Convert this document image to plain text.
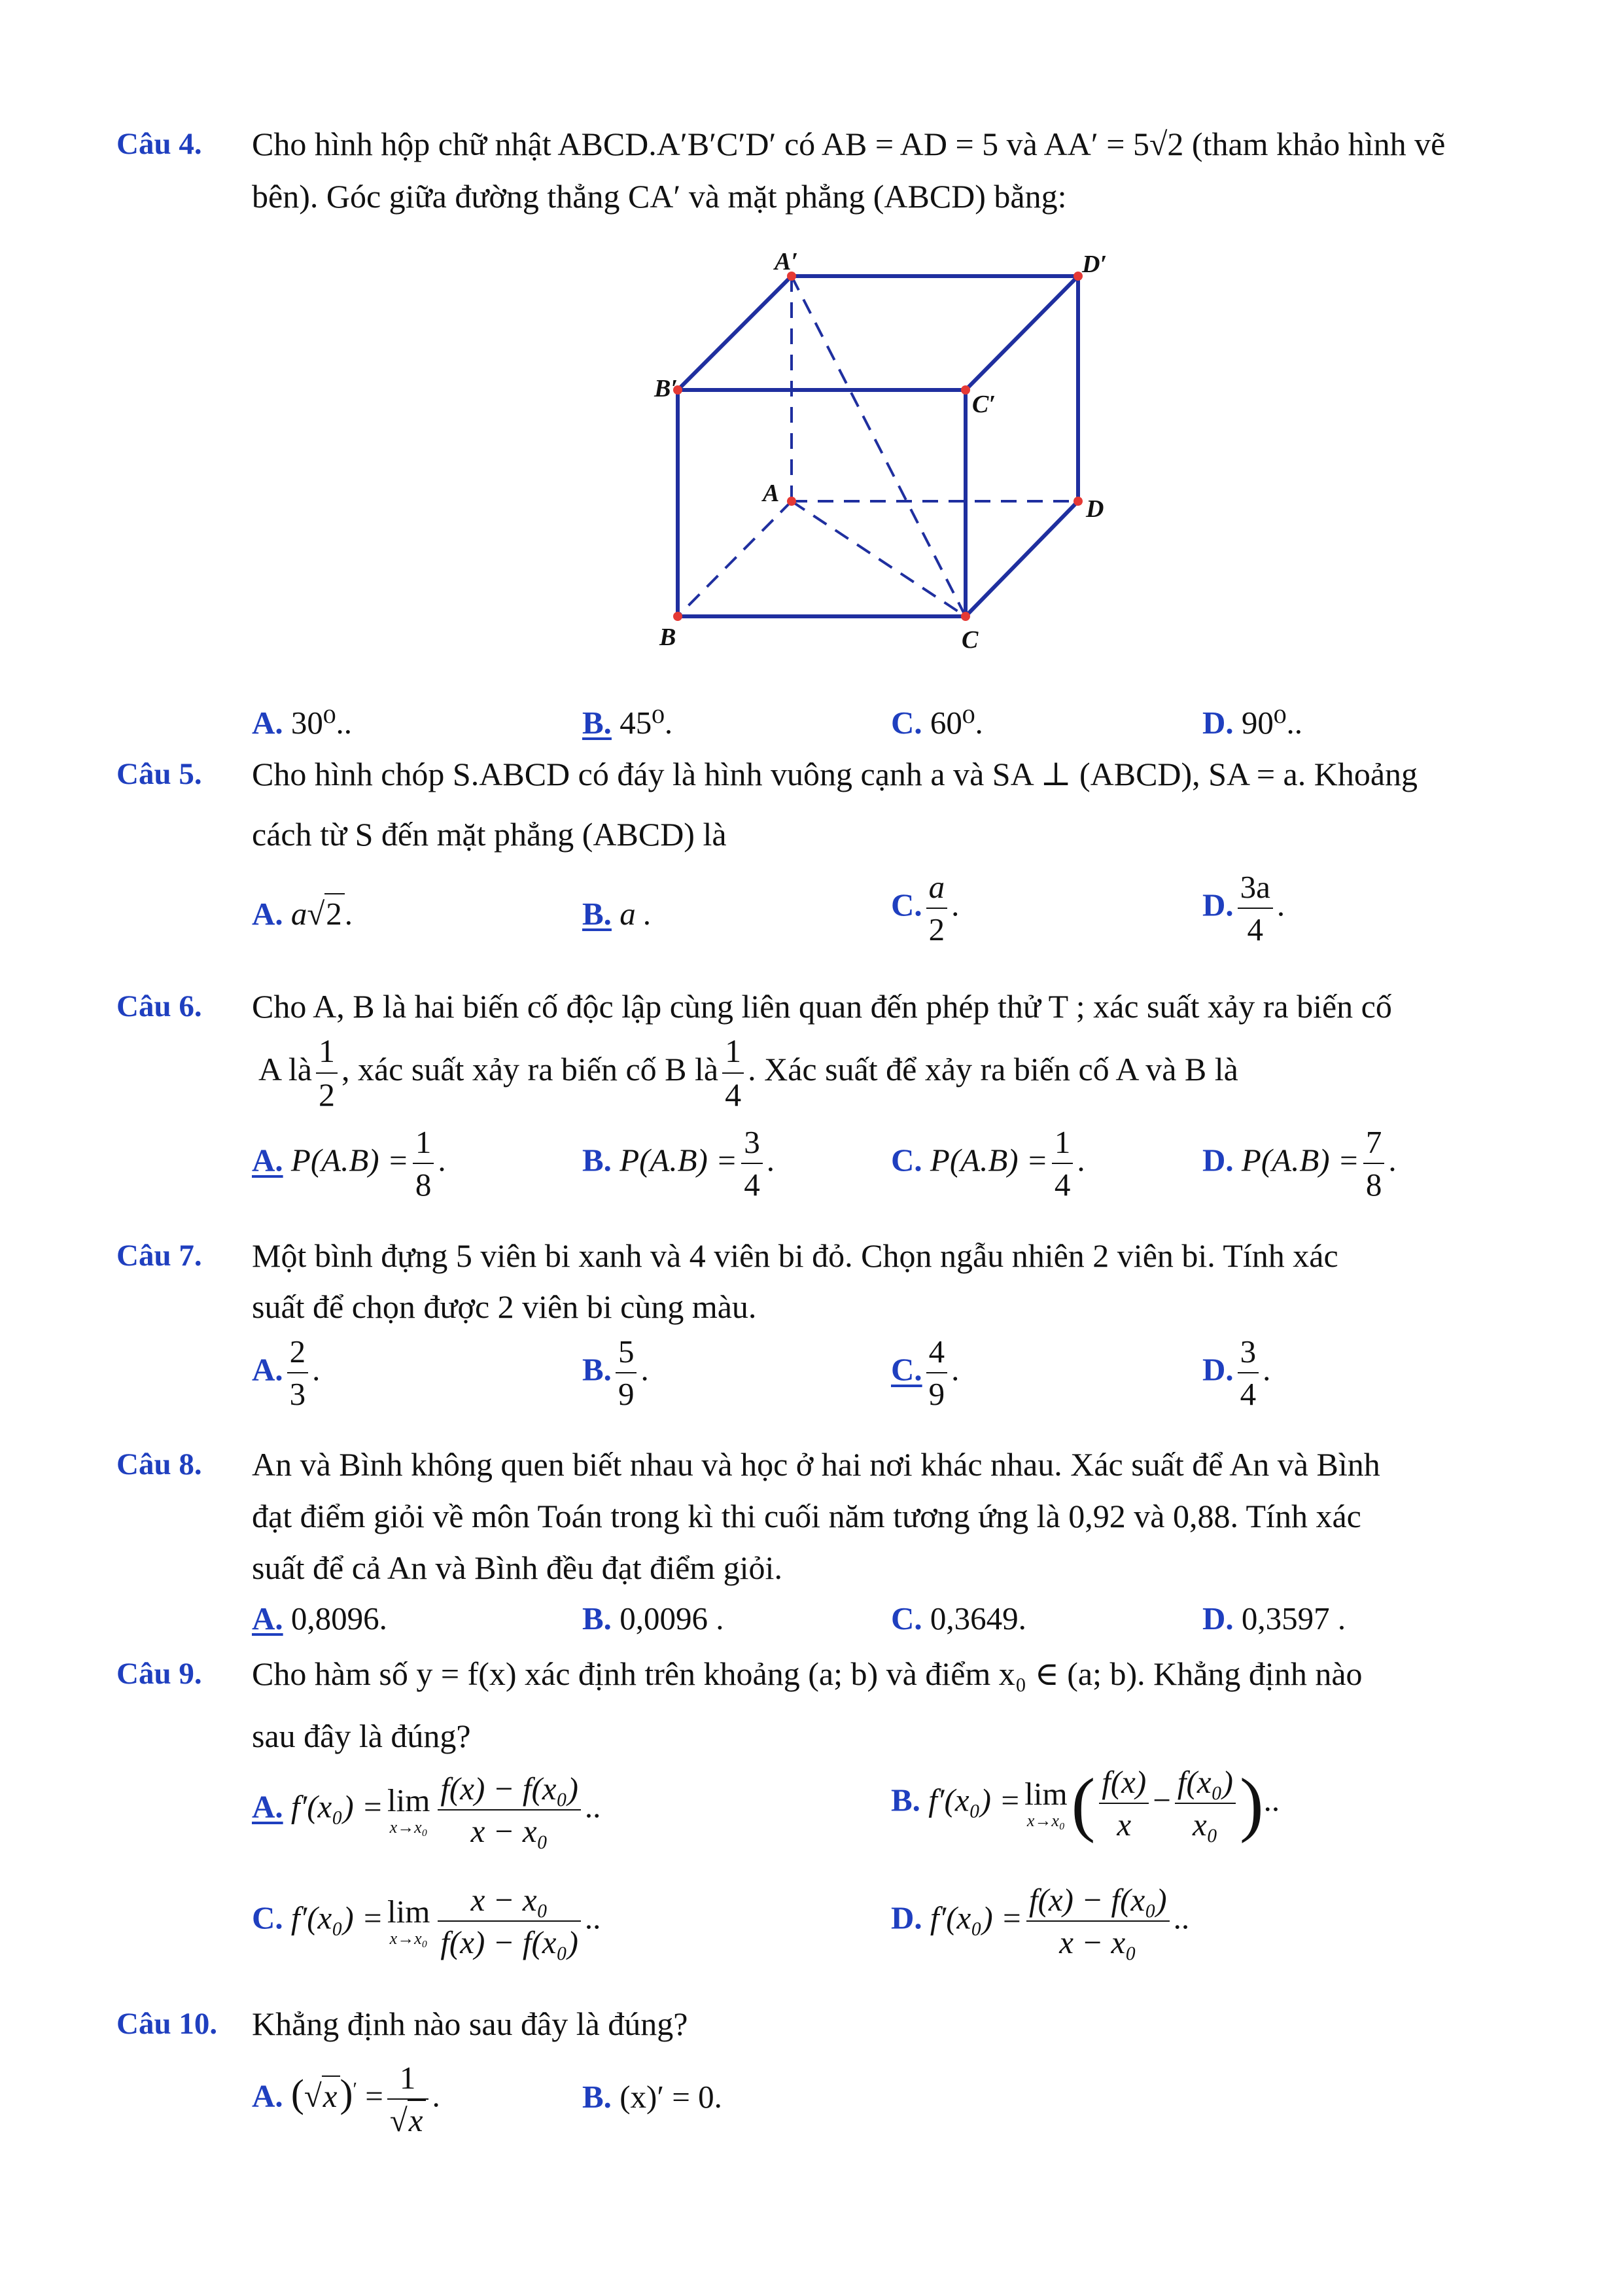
Câu 4. Cho hình hộp chữ nhật ABCD.A′B′C′D′ có AB = AD = 5 và AA′ = 5√2 (tham khảo hình vẽ
bên). Góc giữa đường thẳng CA′ và mặt phẳng (ABCD) bằng:
A′	D′
B′
C′
A
D
B	C
A. 30⁰..	B. 45⁰.	C. 60⁰.	D. 90⁰..
Câu 5. Cho hình chóp S.ABCD có đáy là hình vuông cạnh a và SA ⊥ (ABCD), SA = a. Khoảng
cách từ S đến mặt phẳng (ABCD) là
A. a√2.	B. a .	C. $\frac{a}{2}$ .	D. $\frac{3a}{4}$ .
Câu 6. Cho A, B là hai biến cố độc lập cùng liên quan đến phép thử T ; xác suất xảy ra biến cố
A là $\frac{1}{2}$ , xác suất xảy ra biến cố B là $\frac{1}{4}$ . Xác suất để xảy ra biến cố A và B là
A. $P(A.B) = \frac{1}{8}$ .	B. $P(A.B) = \frac{3}{4}$ .	C. $P(A.B) = \frac{1}{4}$ .	D. $P(A.B) = \frac{7}{8}$ .
Câu 7. Một bình đựng 5 viên bi xanh và 4 viên bi đỏ. Chọn ngẫu nhiên 2 viên bi. Tính xác
suất để chọn được 2 viên bi cùng màu.
A. $\frac{2}{3}$ .	B. $\frac{5}{9}$ .	C. $\frac{4}{9}$ .	D. $\frac{3}{4}$ .
Câu 8. An và Bình không quen biết nhau và học ở hai nơi khác nhau. Xác suất để An và Bình
đạt điểm giỏi về môn Toán trong kì thi cuối năm tương ứng là 0,92 và 0,88. Tính xác
suất để cả An và Bình đều đạt điểm giỏi.
A. 0,8096.	B. 0,0096 .	C. 0,3649.	D. 0,3597 .
Câu 9. Cho hàm số y = f(x) xác định trên khoảng (a; b) và điểm x₀ ∈ (a; b). Khẳng định nào
sau đây là đúng?
A. f′(x₀) = lim
$x\to x_0 \frac{\text{f(x) − f(x₀)}}{\text{x − x₀}}$ ..	B. f′(x₀) = lim
x→x₀ ( $\frac{f(x)}{x} - \frac{\text{f(x₀)}}{\text{x₀}}$ )..
C. f′(x₀) = lim
$x\to x_0 \frac{\text{x − x₀}}{\text{f(x) − f(x₀)}}$ ..	D. $f'(x_0) = \frac{\text{f(x) − f(x₀)}}{\text{x − x₀}}$ ..
Câu 10. Khẳng định nào sau đây là đúng?
A. $(√x)' = \frac{1}{√x}$ .	B. (x)′ = 0.
